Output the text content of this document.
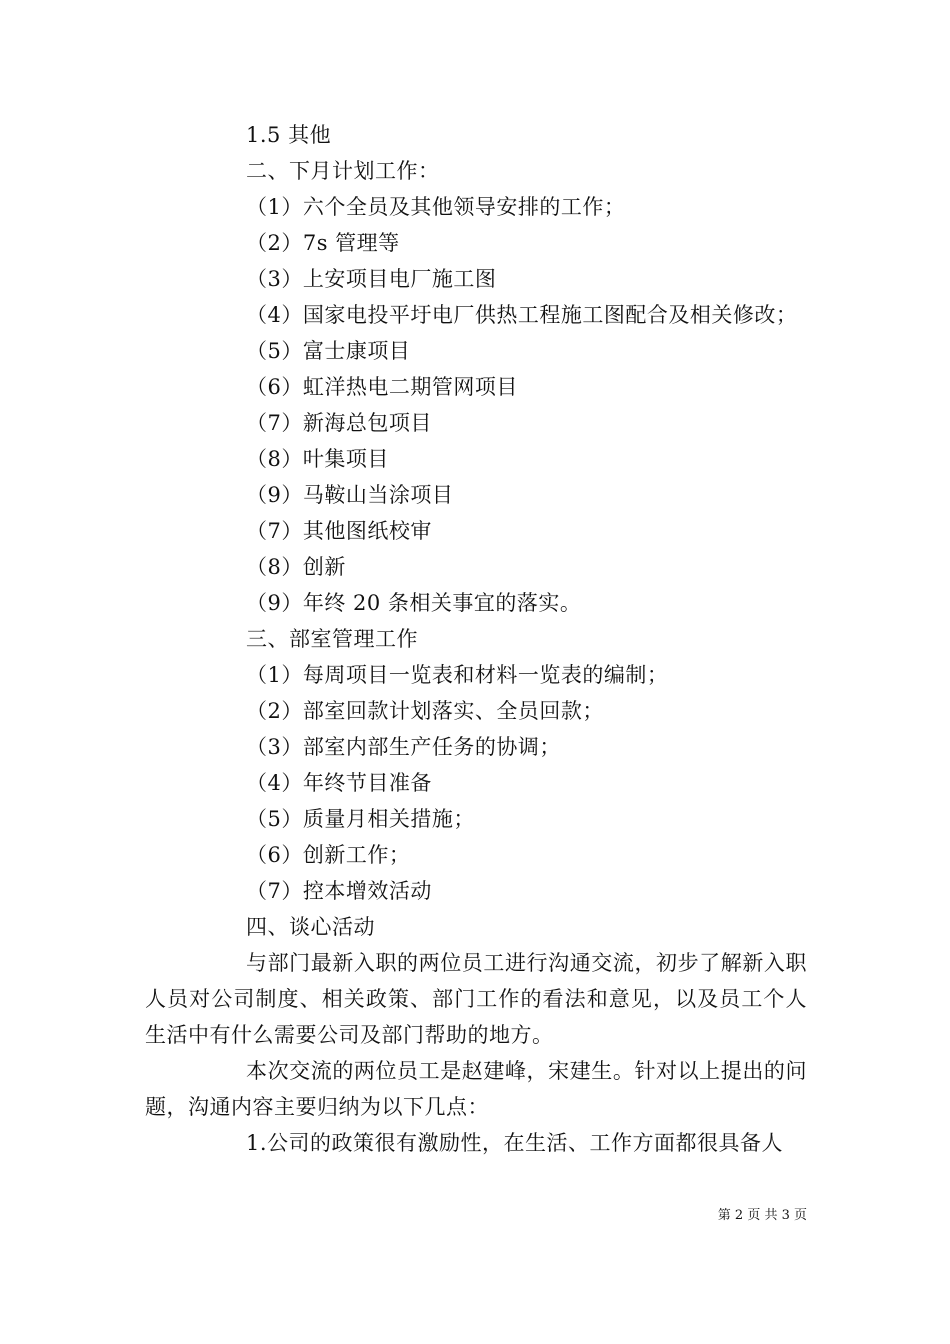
1.5 其他
二、下月计划工作：
（1）六个全员及其他领导安排的工作；
（2）7s 管理等
（3）上安项目电厂施工图
（4）国家电投平圩电厂供热工程施工图配合及相关修改；
（5）富士康项目
（6）虹洋热电二期管网项目
（7）新海总包项目
（8）叶集项目
（9）马鞍山当涂项目
（7）其他图纸校审
（8）创新
（9）年终 20 条相关事宜的落实。
三、部室管理工作
（1）每周项目一览表和材料一览表的编制；
（2）部室回款计划落实、全员回款；
（3）部室内部生产任务的协调；
（4）年终节目准备
（5）质量月相关措施；
（6）创新工作；
（7）控本增效活动
四、谈心活动
与部门最新入职的两位员工进行沟通交流，初步了解新入职人员对公司制度、相关政策、部门工作的看法和意见，以及员工个人生活中有什么需要公司及部门帮助的地方。
本次交流的两位员工是赵建峰，宋建生。针对以上提出的问题，沟通内容主要归纳为以下几点：
1.公司的政策很有激励性，在生活、工作方面都很具备人
第 2 页 共 3 页
